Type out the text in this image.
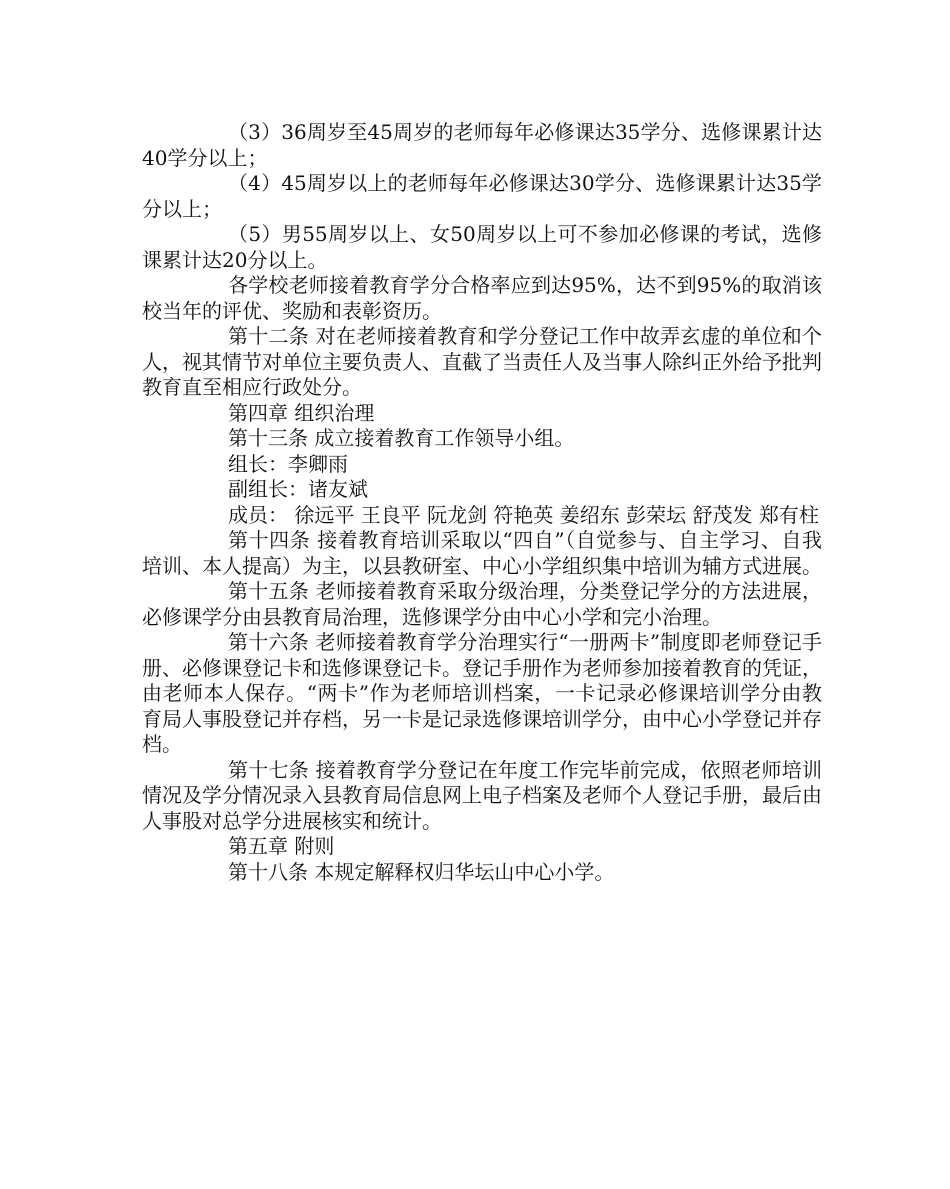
（3）36周岁至45周岁的老师每年必修课达35学分、选修课累计达40学分以上；

（4）45周岁以上的老师每年必修课达30学分、选修课累计达35学分以上；

（5）男55周岁以上、女50周岁以上可不参加必修课的考试，选修课累计达20分以上。

各学校老师接着教育学分合格率应到达95%，达不到95%的取消该校当年的评优、奖励和表彰资历。

第十二条 对在老师接着教育和学分登记工作中故弄玄虚的单位和个人，视其情节对单位主要负责人、直截了当责任人及当事人除纠正外给予批判教育直至相应行政处分。

第四章 组织治理

第十三条 成立接着教育工作领导小组。

组长：李卿雨

副组长：诸友斌

成员： 徐远平 王良平 阮龙剑 符艳英 姜绍东 彭荣坛 舒茂发 郑有柱

第十四条 接着教育培训采取以“四自”（自觉参与、自主学习、自我培训、本人提高）为主，以县教研室、中心小学组织集中培训为辅方式进展。

第十五条 老师接着教育采取分级治理，分类登记学分的方法进展，必修课学分由县教育局治理，选修课学分由中心小学和完小治理。

第十六条 老师接着教育学分治理实行“一册两卡”制度即老师登记手册、必修课登记卡和选修课登记卡。登记手册作为老师参加接着教育的凭证，由老师本人保存。“两卡”作为老师培训档案，一卡记录必修课培训学分由教育局人事股登记并存档，另一卡是记录选修课培训学分，由中心小学登记并存档。

第十七条 接着教育学分登记在年度工作完毕前完成，依照老师培训情况及学分情况录入县教育局信息网上电子档案及老师个人登记手册，最后由人事股对总学分进展核实和统计。

第五章 附则

第十八条 本规定解释权归华坛山中心小学。
